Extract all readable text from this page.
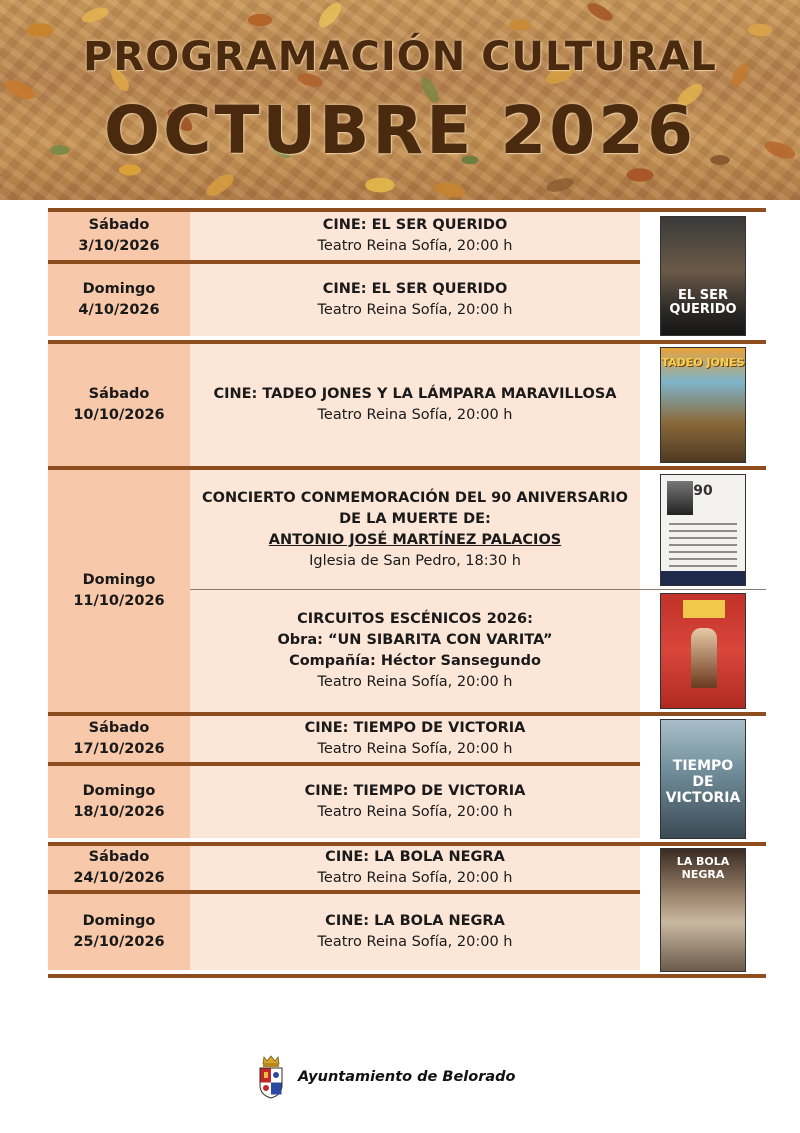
PROGRAMACIÓN CULTURAL
OCTUBRE 2026
Sábado
3/10/2026
CINE: EL SER QUERIDO
Teatro Reina Sofía, 20:00 h
Domingo
4/10/2026
CINE: EL SER QUERIDO
Teatro Reina Sofía, 20:00 h
EL SER QUERIDO
Sábado
10/10/2026
CINE: TADEO JONES Y LA LÁMPARA MARAVILLOSA
Teatro Reina Sofía, 20:00 h
TADEO JONES
Domingo
11/10/2026
CONCIERTO CONMEMORACIÓN DEL 90 ANIVERSARIO
DE LA MUERTE DE:
ANTONIO JOSÉ MARTÍNEZ PALACIOS
Iglesia de San Pedro, 18:30 h
CIRCUITOS ESCÉNICOS 2026:
Obra: “UN SIBARITA CON VARITA”
Compañía: Héctor Sansegundo
Teatro Reina Sofía, 20:00 h
90
Sábado
17/10/2026
CINE: TIEMPO DE VICTORIA
Teatro Reina Sofía, 20:00 h
Domingo
18/10/2026
CINE: TIEMPO DE VICTORIA
Teatro Reina Sofía, 20:00 h
TIEMPO DE VICTORIA
Sábado
24/10/2026
CINE: LA BOLA NEGRA
Teatro Reina Sofía, 20:00 h
Domingo
25/10/2026
CINE: LA BOLA NEGRA
Teatro Reina Sofía, 20:00 h
LA BOLA NEGRA
Ayuntamiento de Belorado
